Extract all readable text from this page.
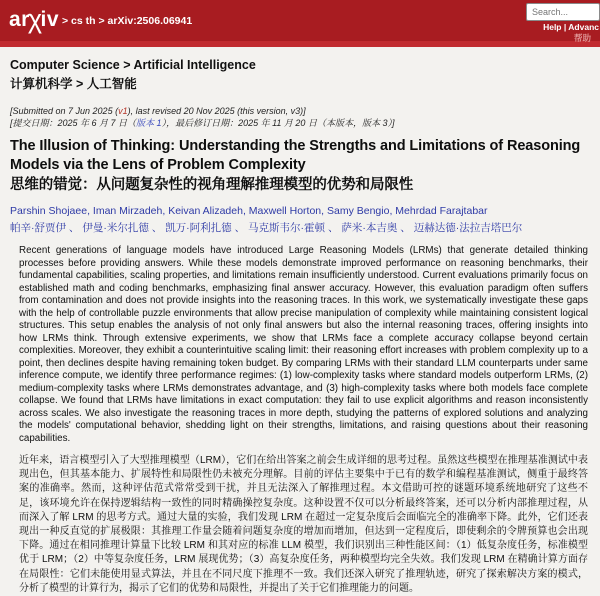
arχiv > cs th > arXiv:2506.06941
Search...	Help | Advanc
帮助
Computer Science > Artificial Intelligence
计算机科学 > 人工智能

[Submitted on 7 Jun 2025 (v1), last revised 20 Nov 2025 (this version, v3)]

[提交日期：2025 年 6 月 7 日（版本 1），最后修订日期：2025 年 11 月 20 日（本版本，版本 3）]

The Illusion of Thinking: Understanding the Strengths and Limitations of Reasoning Models via the Lens of Problem Complexity
思维的错觉：从问题复杂性的视角理解推理模型的优势和局限性
Parshin Shojaee, Iman Mirzadeh, Keivan Alizadeh, Maxwell Horton, Samy Bengio, Mehrdad Farajtabar
帕辛·舒贾伊 、 伊曼·米尔扎德 、 凯万·阿利扎德 、 马克斯韦尔·霍顿 、 萨米·本吉奥 、 迈赫达德·法拉吉塔巴尔

Recent generations of language models have introduced Large Reasoning Models (LRMs) that generate detailed thinking processes before providing answers. While these models demonstrate improved performance on reasoning benchmarks, their fundamental capabilities, scaling properties, and limitations remain insufficiently understood. Current evaluations primarily focus on established math and coding benchmarks, emphasizing final answer accuracy. However, this evaluation paradigm often suffers from contamination and does not provide insights into the reasoning traces. In this work, we systematically investigate these gaps with the help of controllable puzzle environments that allow precise manipulation of complexity while maintaining consistent logical structures. This setup enables the analysis of not only final answers but also the internal reasoning traces, offering insights into how LRMs think. Through extensive experiments, we show that LRMs face a complete accuracy collapse beyond certain complexities. Moreover, they exhibit a counterintuitive scaling limit: their reasoning effort increases with problem complexity up to a point, then declines despite having remaining token budget. By comparing LRMs with their standard LLM counterparts under same inference compute, we identify three performance regimes: (1) low-complexity tasks where standard models outperform LRMs, (2) medium-complexity tasks where LRMs demonstrates advantage, and (3) high-complexity tasks where both models face complete collapse. We found that LRMs have limitations in exact computation: they fail to use explicit algorithms and reason inconsistently across scales. We also investigate the reasoning traces in more depth, studying the patterns of explored solutions and analyzing the models' computational behavior, shedding light on their strengths, limitations, and raising questions about their reasoning capabilities.

近年来，语言模型引入了大型推理模型（LRM），它们在给出答案之前会生成详细的思考过程。虽然这些模型在推理基准测试中表现出色，但其基本能力、扩展特性和局限性仍未被充分理解。目前的评估主要集中于已有的数学和编程基准测试，侧重于最终答案的准确率。然而，这种评估范式常常受到干扰，并且无法深入了解推理过程。本文借助可控的谜题环境系统地研究了这些不足，该环境允许在保持逻辑结构一致性的同时精确操控复杂度。这种设置不仅可以分析最终答案，还可以分析内部推理过程，从而深入了解 LRM 的思考方式。通过大量的实验，我们发现 LRM 在超过一定复杂度后会面临完全的准确率下降。此外，它们还表现出一种反直觉的扩展极限：其推理工作量会随着问题复杂度的增加而增加，但达到一定程度后，即使剩余的令牌预算也会出现下降。通过在相同推理计算量下比较 LRM 和其对应的标准 LLM 模型，我们识别出三种性能区间：（1）低复杂度任务，标准模型优于 LRM；（2）中等复杂度任务，LRM 展现优势；（3）高复杂度任务，两种模型均完全失效。我们发现 LRM 在精确计算方面存在局限性：它们未能使用显式算法，并且在不同尺度下推理不一致。我们还深入研究了推理轨迹，研究了探索解决方案的模式，分析了模型的计算行为，揭示了它们的优势和局限性，并提出了关于它们推理能力的问题。
